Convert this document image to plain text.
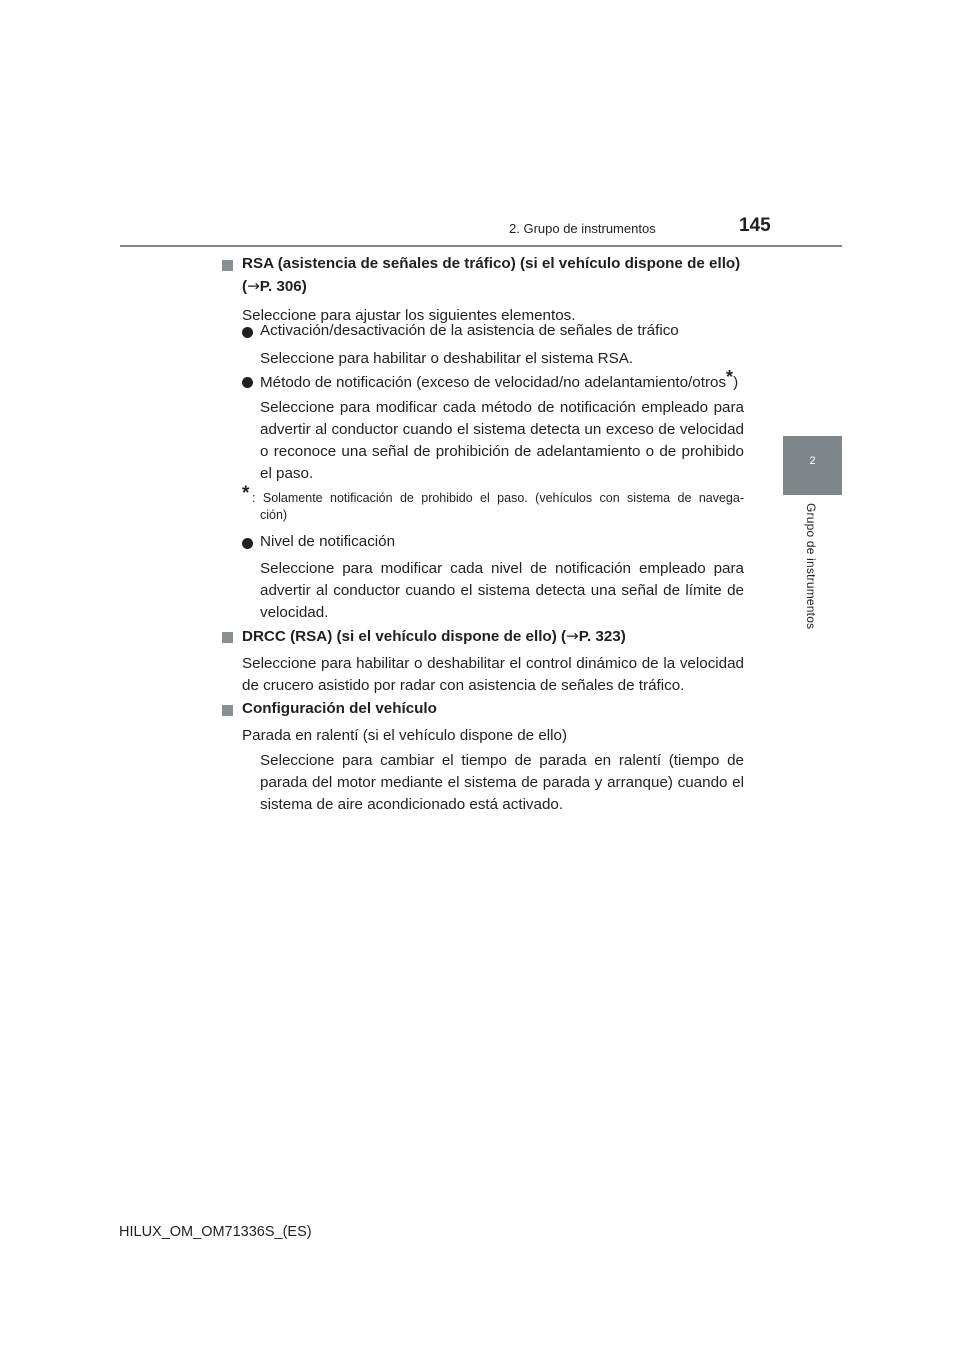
2. Grupo de instrumentos	145
2
Grupo de instrumentos

RSA (asistencia de señales de tráfico) (si el vehículo dispone de ello)

(→P. 306)

Seleccione para ajustar los siguientes elementos.

Activación/desactivación de la asistencia de señales de tráfico

Seleccione para habilitar o deshabilitar el sistema RSA.

Método de notificación (exceso de velocidad/no adelantamiento/otros*)

Seleccione para modificar cada método de notificación empleado para

advertir al conductor cuando el sistema detecta un exceso de velocidad

o reconoce una señal de prohibición de adelantamiento o de prohibido

el paso.

* : Solamente notificación de prohibido el paso. (vehículos con sistema de navega-

ción)

Nivel de notificación

Seleccione para modificar cada nivel de notificación empleado para

advertir al conductor cuando el sistema detecta una señal de límite de

velocidad.

DRCC (RSA) (si el vehículo dispone de ello) (→P. 323)

Seleccione para habilitar o deshabilitar el control dinámico de la velocidad

de crucero asistido por radar con asistencia de señales de tráfico.

Configuración del vehículo

Parada en ralentí (si el vehículo dispone de ello)

Seleccione para cambiar el tiempo de parada en ralentí (tiempo de

parada del motor mediante el sistema de parada y arranque) cuando el

sistema de aire acondicionado está activado.

HILUX_OM_OM71336S_(ES)
